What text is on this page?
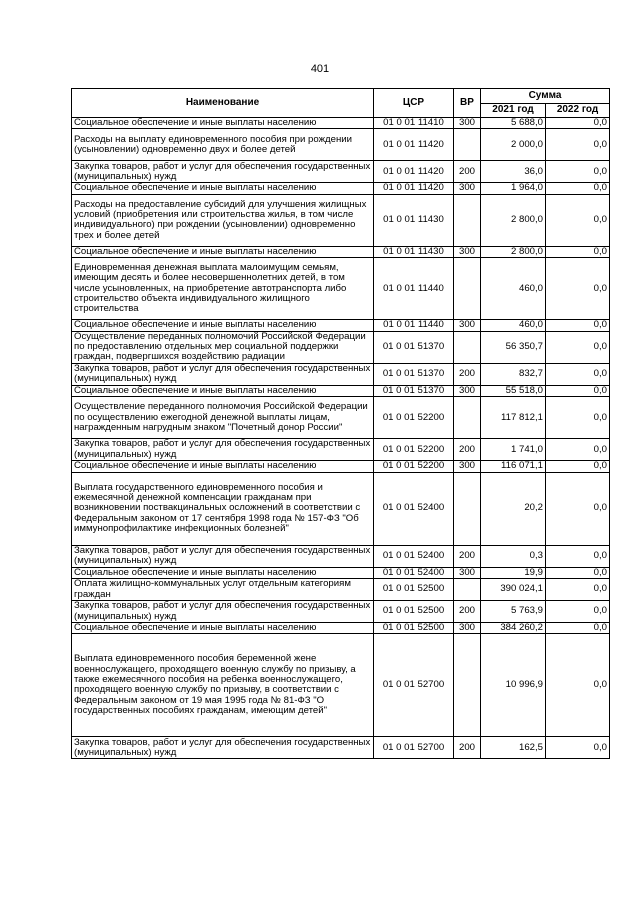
401
Наименование	ЦСР	ВР	Сумма	
			2021 год	2022 год
Социальное обеспечение и иные выплаты населению	01 0 01 11410	300	5 688,0	0,0
Расходы на выплату единовременного пособия при рождении (усыновлении) одновременно двух и более детей	01 0 01 11420		2 000,0	0,0
Закупка товаров, работ и услуг для обеспечения государственных (муниципальных) нужд	01 0 01 11420	200	36,0	0,0
Социальное обеспечение и иные выплаты населению	01 0 01 11420	300	1 964,0	0,0
Расходы на предоставление субсидий для улучшения жилищных условий (приобретения или строительства жилья, в том числе индивидуального) при рождении (усыновлении) одновременно трех и более детей	01 0 01 11430		2 800,0	0,0
Социальное обеспечение и иные выплаты населению	01 0 01 11430	300	2 800,0	0,0
Единовременная денежная выплата малоимущим семьям, имеющим десять и более несовершеннолетних детей, в том числе усыновленных, на приобретение автотранспорта либо строительство объекта индивидуального жилищного строительства	01 0 01 11440		460,0	0,0
Социальное обеспечение и иные выплаты населению	01 0 01 11440	300	460,0	0,0
Осуществление переданных полномочий Российской Федерации по предоставлению отдельных мер социальной поддержки граждан, подвергшихся воздействию радиации	01 0 01 51370		56 350,7	0,0
Закупка товаров, работ и услуг для обеспечения государственных (муниципальных) нужд	01 0 01 51370	200	832,7	0,0
Социальное обеспечение и иные выплаты населению	01 0 01 51370	300	55 518,0	0,0
Осуществление переданного полномочия Российской Федерации по осуществлению ежегодной денежной выплаты лицам, награжденным нагрудным знаком "Почетный донор России"	01 0 01 52200		117 812,1	0,0
Закупка товаров, работ и услуг для обеспечения государственных (муниципальных) нужд	01 0 01 52200	200	1 741,0	0,0
Социальное обеспечение и иные выплаты населению	01 0 01 52200	300	116 071,1	0,0
Выплата государственного единовременного пособия и ежемесячной денежной компенсации гражданам при возникновении поствакцинальных осложнений в соответствии с Федеральным законом от 17 сентября 1998 года № 157-ФЗ "Об иммунопрофилактике инфекционных болезней"	01 0 01 52400		20,2	0,0
Закупка товаров, работ и услуг для обеспечения государственных (муниципальных) нужд	01 0 01 52400	200	0,3	0,0
Социальное обеспечение и иные выплаты населению	01 0 01 52400	300	19,9	0,0
Оплата жилищно-коммунальных услуг отдельным категориям граждан	01 0 01 52500		390 024,1	0,0
Закупка товаров, работ и услуг для обеспечения государственных (муниципальных) нужд	01 0 01 52500	200	5 763,9	0,0
Социальное обеспечение и иные выплаты населению	01 0 01 52500	300	384 260,2	0,0
Выплата единовременного пособия беременной жене военнослужащего, проходящего военную службу по призыву, а также ежемесячного пособия на ребенка военнослужащего, проходящего военную службу по призыву, в соответствии с Федеральным законом от 19 мая 1995 года № 81-ФЗ "О государственных пособиях гражданам, имеющим детей"	01 0 01 52700		10 996,9	0,0
Закупка товаров, работ и услуг для обеспечения государственных (муниципальных) нужд	01 0 01 52700	200	162,5	0,0
